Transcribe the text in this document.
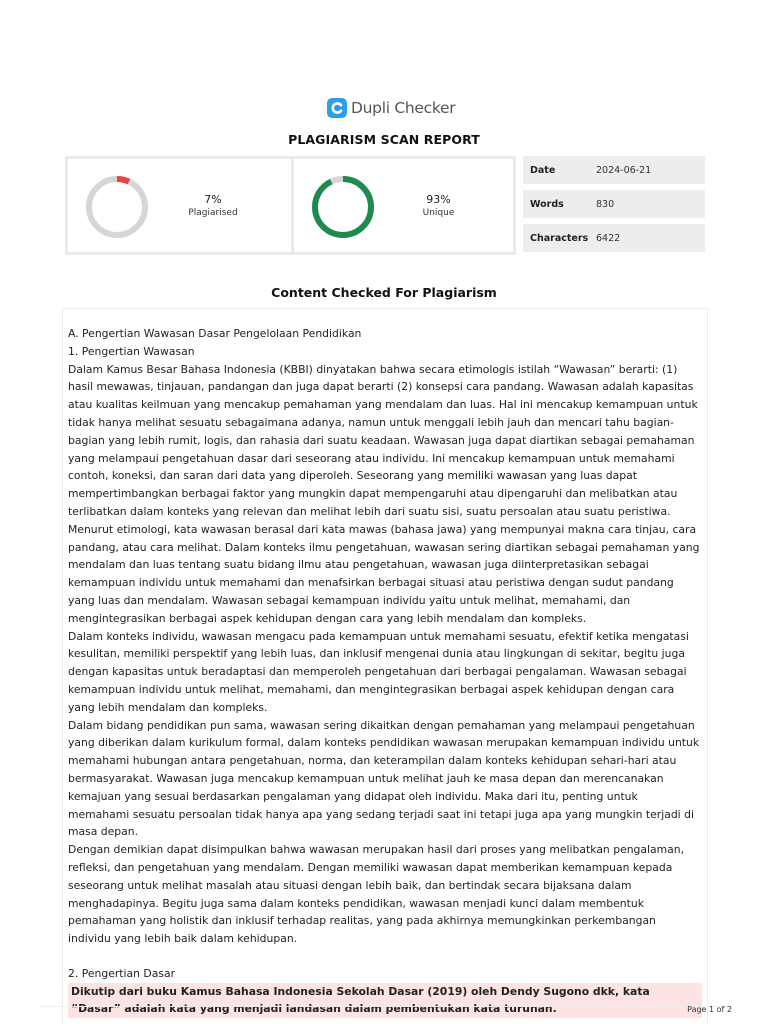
Dupli Checker
PLAGIARISM SCAN REPORT
7%
Plagiarised
93%
Unique
Date	2024-06-21
Words	830
Characters 6422
Content Checked For Plagiarism

A. Pengertian Wawasan Dasar Pengelolaan Pendidikan

1. Pengertian Wawasan

Dalam Kamus Besar Bahasa Indonesia (KBBI) dinyatakan bahwa secara etimologis istilah “Wawasan” berarti: (1) hasil mewawas, tinjauan, pandangan dan juga dapat berarti (2) konsepsi cara pandang. Wawasan adalah kapasitas atau kualitas keilmuan yang mencakup pemahaman yang mendalam dan luas. Hal ini mencakup kemampuan untuk tidak hanya melihat sesuatu sebagaimana adanya, namun untuk menggali lebih jauh dan mencari tahu bagian-bagian yang lebih rumit, logis, dan rahasia dari suatu keadaan. Wawasan juga dapat diartikan sebagai pemahaman yang melampaui pengetahuan dasar dari seseorang atau individu. Ini mencakup kemampuan untuk memahami contoh, koneksi, dan saran dari data yang diperoleh. Seseorang yang memiliki wawasan yang luas dapat mempertimbangkan berbagai faktor yang mungkin dapat mempengaruhi atau dipengaruhi dan melibatkan atau terlibatkan dalam konteks yang relevan dan melihat lebih dari suatu sisi, suatu persoalan atau suatu peristiwa.

Menurut etimologi, kata wawasan berasal dari kata mawas (bahasa jawa) yang mempunyai makna cara tinjau, cara pandang, atau cara melihat. Dalam konteks ilmu pengetahuan, wawasan sering diartikan sebagai pemahaman yang mendalam dan luas tentang suatu bidang ilmu atau pengetahuan, wawasan juga diinterpretasikan sebagai kemampuan individu untuk memahami dan menafsirkan berbagai situasi atau peristiwa dengan sudut pandang yang luas dan mendalam. Wawasan sebagai kemampuan individu yaitu untuk melihat, memahami, dan mengintegrasikan berbagai aspek kehidupan dengan cara yang lebih mendalam dan kompleks.

Dalam konteks individu, wawasan mengacu pada kemampuan untuk memahami sesuatu, efektif ketika mengatasi kesulitan, memiliki perspektif yang lebih luas, dan inklusif mengenai dunia atau lingkungan di sekitar, begitu juga dengan kapasitas untuk beradaptasi dan memperoleh pengetahuan dari berbagai pengalaman. Wawasan sebagai kemampuan individu untuk melihat, memahami, dan mengintegrasikan berbagai aspek kehidupan dengan cara yang lebih mendalam dan kompleks.

Dalam bidang pendidikan pun sama, wawasan sering dikaitkan dengan pemahaman yang melampaui pengetahuan yang diberikan dalam kurikulum formal, dalam konteks pendidikan wawasan merupakan kemampuan individu untuk memahami hubungan antara pengetahuan, norma, dan keterampilan dalam konteks kehidupan sehari-hari atau bermasyarakat. Wawasan juga mencakup kemampuan untuk melihat jauh ke masa depan dan merencanakan kemajuan yang sesuai berdasarkan pengalaman yang didapat oleh individu. Maka dari itu, penting untuk memahami sesuatu persoalan tidak hanya apa yang sedang terjadi saat ini tetapi juga apa yang mungkin terjadi di masa depan.

Dengan demikian dapat disimpulkan bahwa wawasan merupakan hasil dari proses yang melibatkan pengalaman, refleksi, dan pengetahuan yang mendalam. Dengan memiliki wawasan dapat memberikan kemampuan kepada seseorang untuk melihat masalah atau situasi dengan lebih baik, dan bertindak secara bijaksana dalam menghadapinya. Begitu juga sama dalam konteks pendidikan, wawasan menjadi kunci dalam membentuk pemahaman yang holistik dan inklusif terhadap realitas, yang pada akhirnya memungkinkan perkembangan individu yang lebih baik dalam kehidupan.

2. Pengertian Dasar

Dikutip dari buku Kamus Bahasa Indonesia Sekolah Dasar (2019) oleh Dendy Sugono dkk, kata “Dasar” adalah kata yang menjadi landasan dalam pembentukan kata turunan.	Page 1 of 2
